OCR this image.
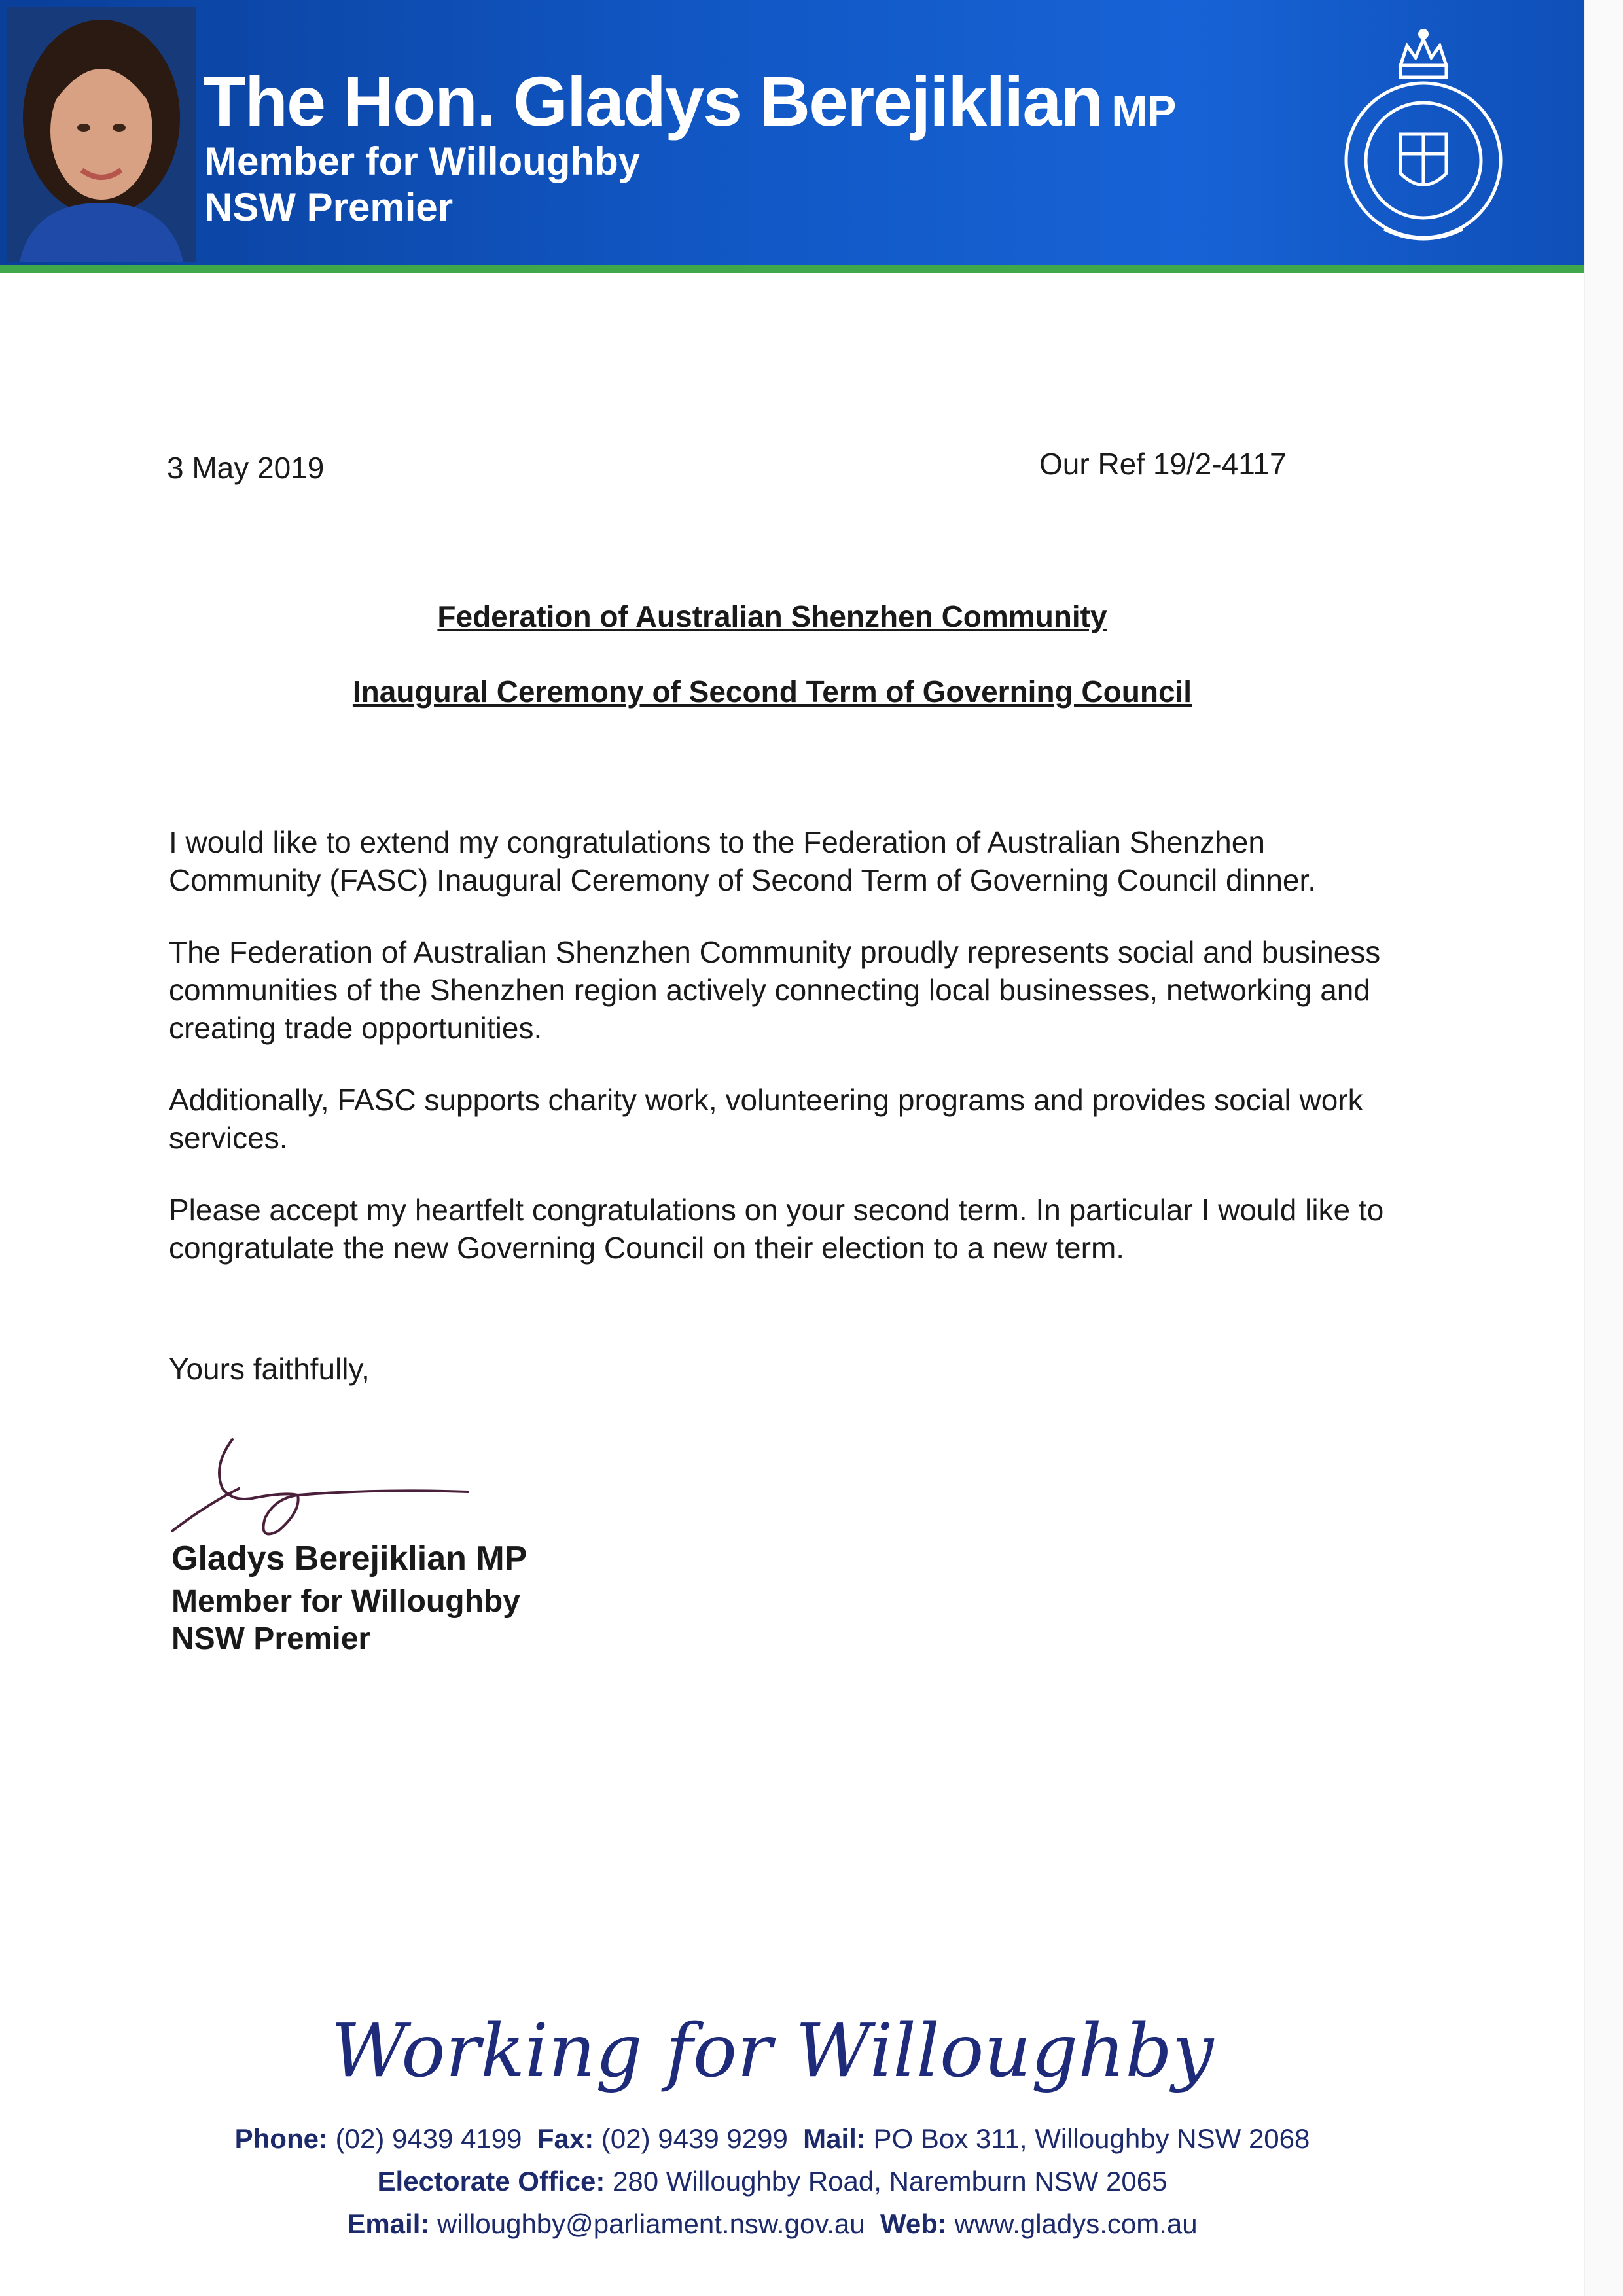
The Hon. Gladys Berejiklian MP
Member for Willoughby
NSW Premier
3 May 2019	Our Ref 19/2-4117
Federation of Australian Shenzhen Community
Inaugural Ceremony of Second Term of Governing Council

I would like to extend my congratulations to the Federation of Australian Shenzhen Community (FASC) Inaugural Ceremony of Second Term of Governing Council dinner.

The Federation of Australian Shenzhen Community proudly represents social and business communities of the Shenzhen region actively connecting local businesses, networking and creating trade opportunities.

Additionally, FASC supports charity work, volunteering programs and provides social work services.

Please accept my heartfelt congratulations on your second term. In particular I would like to congratulate the new Governing Council on their election to a new term.

Yours faithfully,
Gladys Berejiklian MP
Member for Willoughby
NSW Premier
Working for Willoughby
Phone: (02) 9439 4199 Fax: (02) 9439 9299 Mail: PO Box 311, Willoughby NSW 2068
Electorate Office: 280 Willoughby Road, Naremburn NSW 2065
Email: willoughby@parliament.nsw.gov.au Web: www.gladys.com.au
